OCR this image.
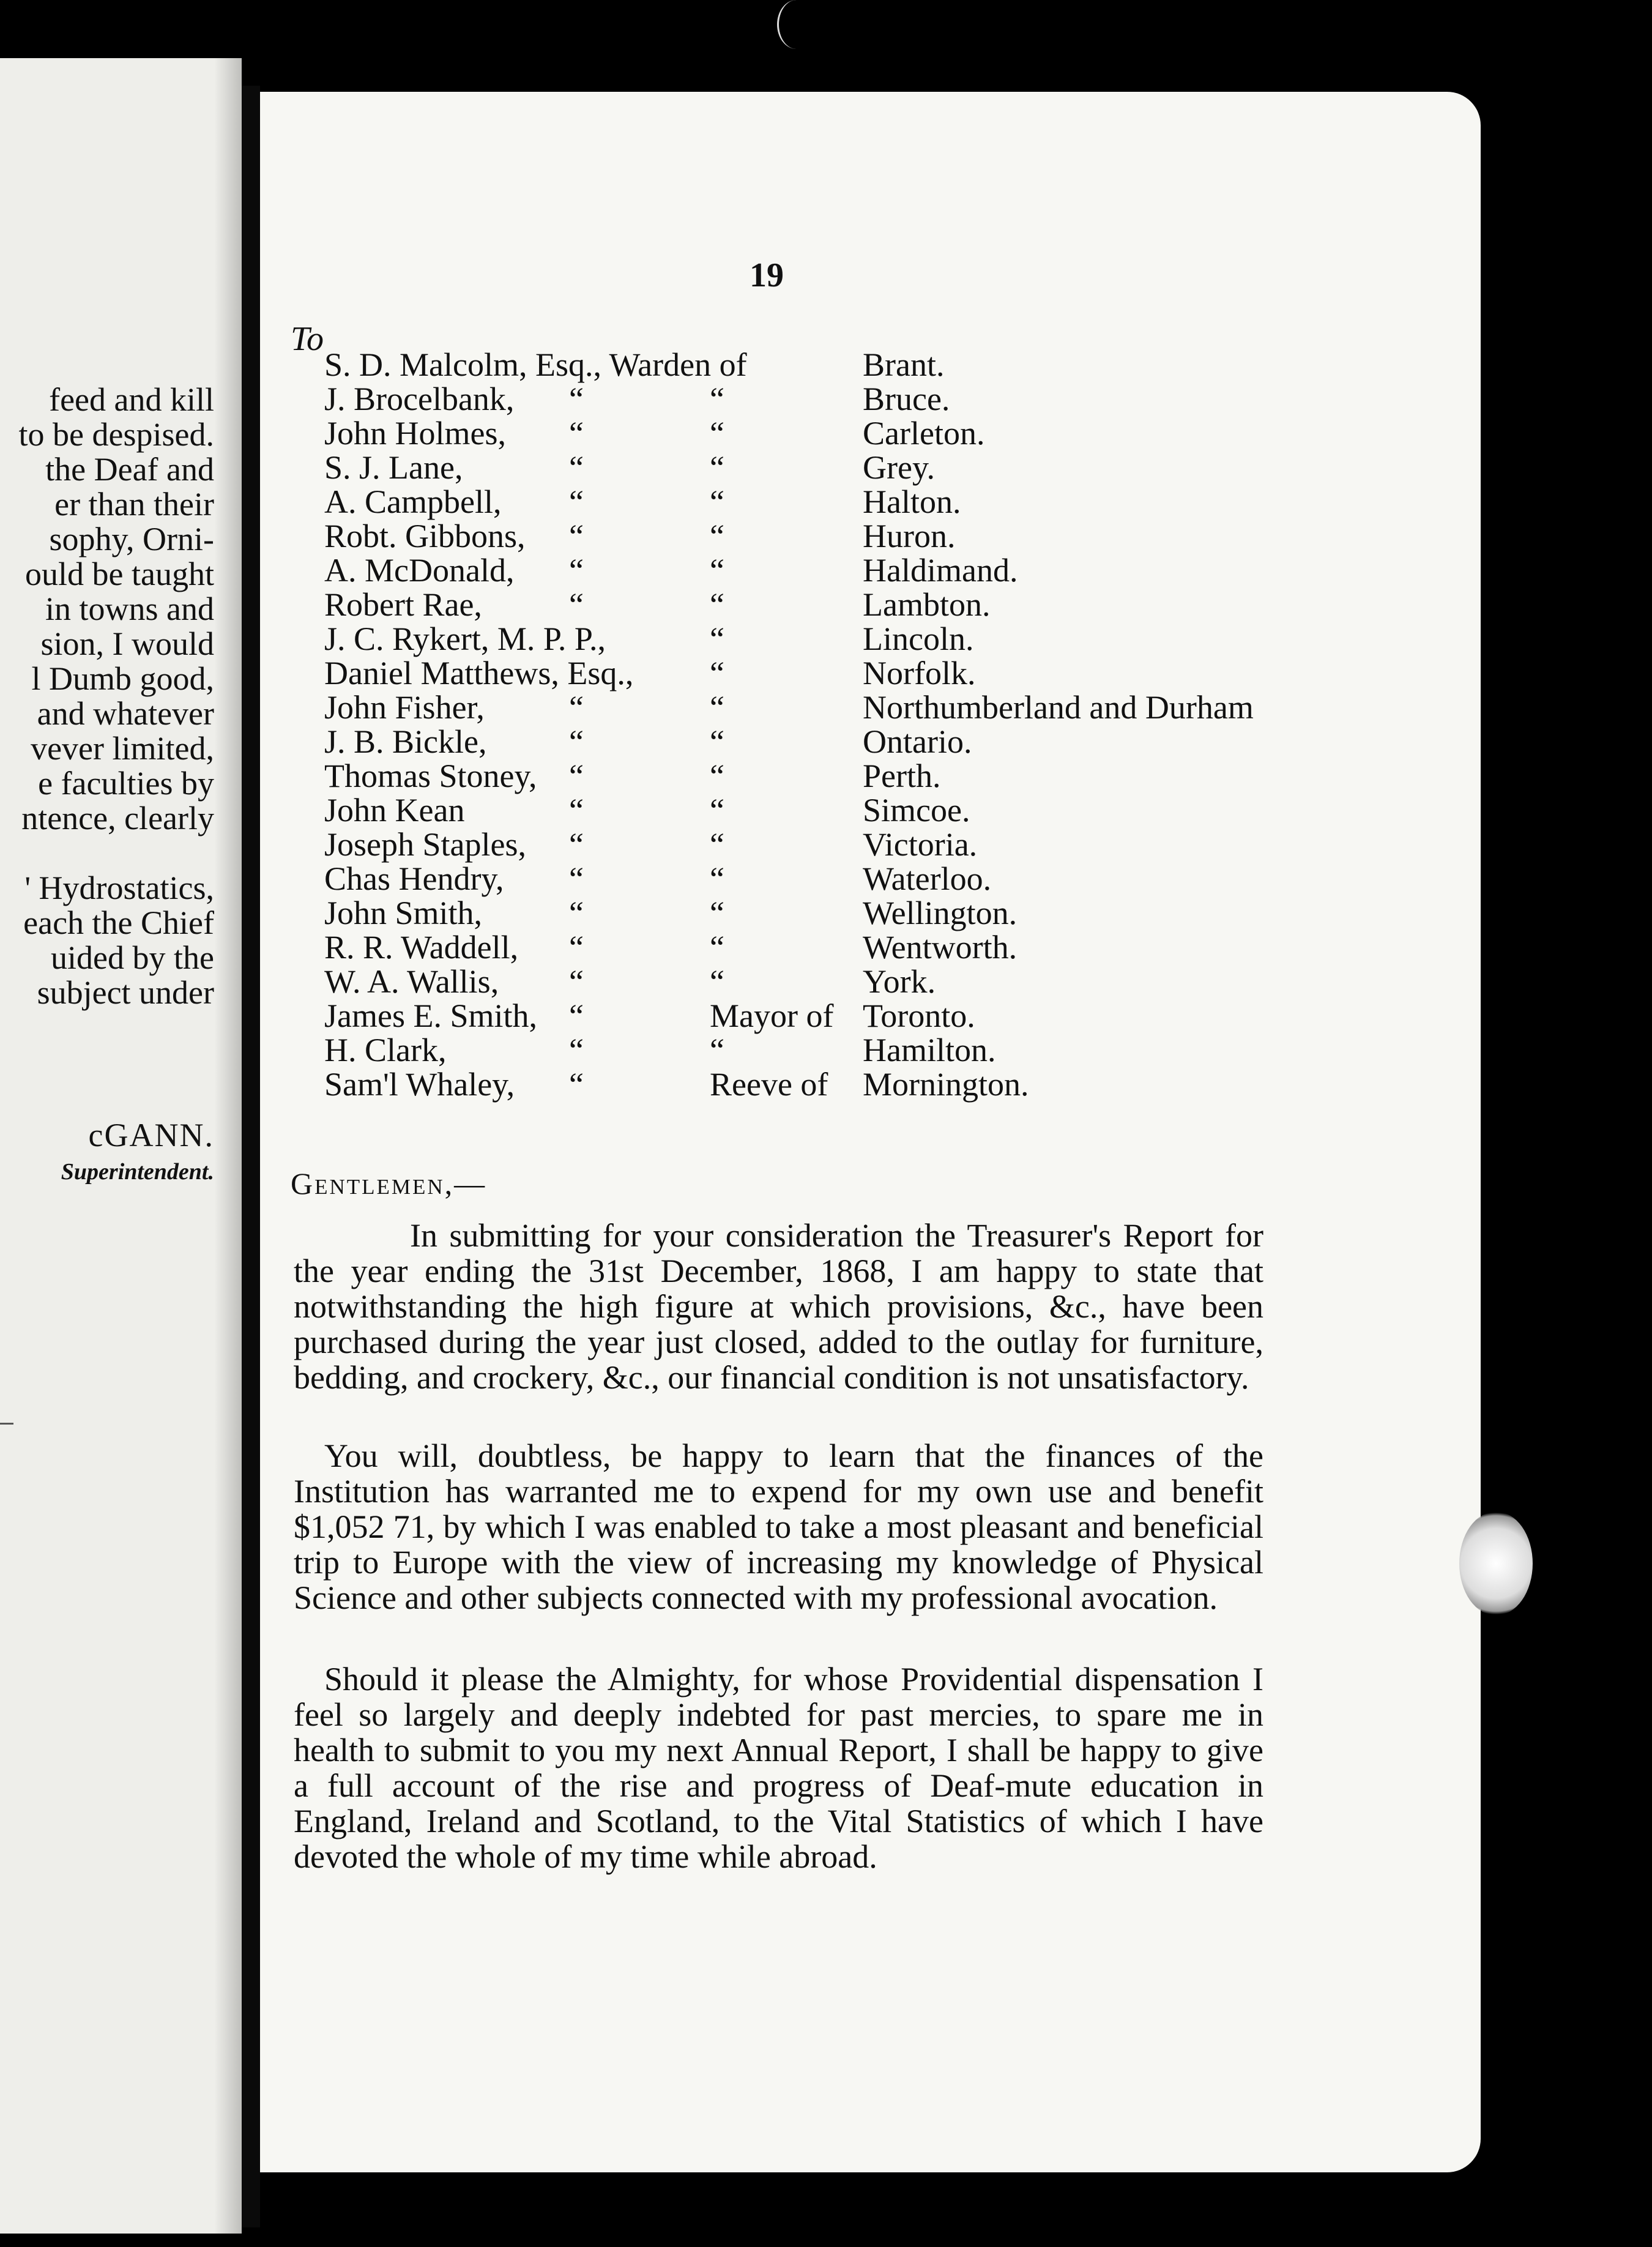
feed and kill
to be despised.
the Deaf and
er than their
sophy, Orni-
ould be taught
in towns and
sion, I would
l Dumb good,
and whatever
vever limited,
e faculties by
ntence, clearly
' Hydrostatics,
each the Chief
uided by the
subject under
cGANN.
Superintendent.
19
To
S. D. Malcolm, Esq., Warden of	Brant.
J. Brocelbank, “	“	Bruce.
John Holmes, “	“	Carleton.
S. J. Lane,	“	“	Grey.
A. Campbell, “	“	Halton.
Robt. Gibbons, “	“	Huron.
A. McDonald, “	“	Haldimand.
Robert Rae,	“	“	Lambton.
J. C. Rykert, M. P. P.,	“	Lincoln.
Daniel Matthews, Esq., “	Norfolk.
John Fisher,	“	“	Northumberland and Durham
J. B. Bickle, “	“	Ontario.
Thomas Stoney, “	“	Perth.
John Kean	“	“	Simcoe.
Joseph Staples, “	“	Victoria.
Chas Hendry, “	“	Waterloo.
John Smith,	“	“	Wellington.
R. R. Waddell, “	“	Wentworth.
W. A. Wallis, “	“	York.
James E. Smith, “	Mayor of Toronto.
H. Clark,	“	“	Hamilton.
Sam'l Whaley, “	Reeve of Mornington.
Gentlemen,—
In submitting for your consideration the Treasurer's Report for the year ending the 31st December, 1868, I am happy to state that notwithstanding the high figure at which provisions, &c., have been purchased during the year just closed, added to the outlay for furniture, bedding, and crockery, &c., our financial condition is not unsatisfactory.
You will, doubtless, be happy to learn that the finances of the Institution has warranted me to expend for my own use and benefit $1,052 71, by which I was enabled to take a most pleasant and beneficial trip to Europe with the view of increasing my knowledge of Physical Science and other subjects connected with my professional avocation.
Should it please the Almighty, for whose Providential dispensation I feel so largely and deeply indebted for past mercies, to spare me in health to submit to you my next Annual Report, I shall be happy to give a full account of the rise and progress of Deaf-mute education in England, Ireland and Scotland, to the Vital Statistics of which I have devoted the whole of my time while abroad.
